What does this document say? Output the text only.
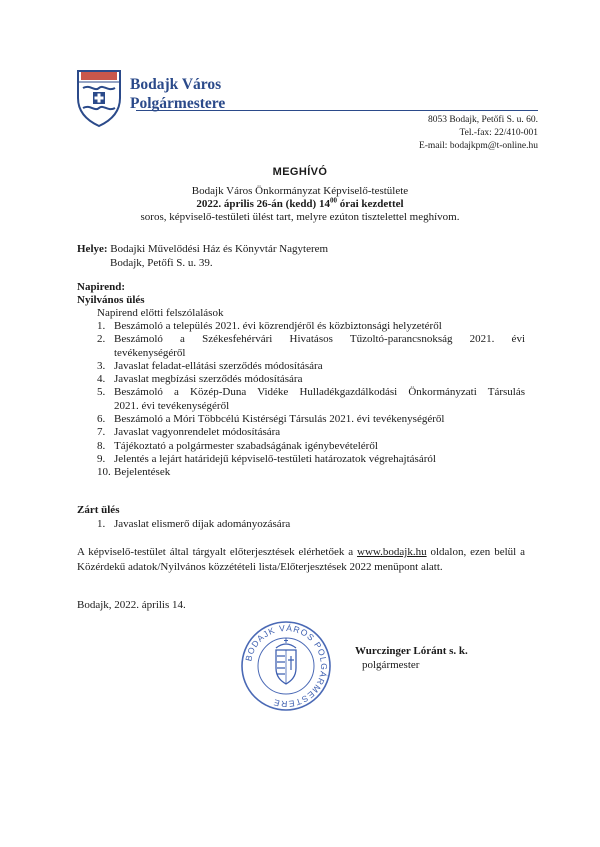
Bodajk Város
Polgármestere
8053 Bodajk, Petőfi S. u. 60.
Tel.-fax: 22/410-001
E-mail: bodajkpm@t-online.hu
MEGHÍVÓ
Bodajk Város Önkormányzat Képviselő-testülete
2022. április 26-án (kedd) $14^{00}$ órai kezdettel
soros, képviselő-testületi ülést tart, melyre ezúton tisztelettel meghívom.
Helye: Bodajki Művelődési Ház és Könyvtár Nagyterem
Bodajk, Petőfi S. u. 39.
Napirend:
Nyilvános ülés
Napirend előtti felszólalások
1. Beszámoló a település 2021. évi közrendjéről és közbiztonsági helyzetéről
2. Beszámoló a Székesfehérvári Hivatásos Tűzoltó-parancsnokság 2021. évi
tevékenységéről
3. Javaslat feladat-ellátási szerződés módosítására
4. Javaslat megbízási szerződés módosítására
5. Beszámoló a Közép-Duna Vidéke Hulladékgazdálkodási Önkormányzati Társulás
2021. évi tevékenységéről
6. Beszámoló a Móri Többcélú Kistérségi Társulás 2021. évi tevékenységéről
7. Javaslat vagyonrendelet módosítására
8. Tájékoztató a polgármester szabadságának igénybevételéről
9. Jelentés a lejárt határidejű képviselő-testületi határozatok végrehajtásáról
10. Bejelentések
Zárt ülés
1. Javaslat elismerő díjak adományozására
A képviselő-testület által tárgyalt előterjesztések elérhetőek a www.bodajk.hu oldalon, ezen belül a Közérdekű adatok/Nyilvános közzétételi lista/Előterjesztések 2022 menüpont alatt.
Bodajk, 2022. április 14.
BODAJK VÁROS POLGÁRMESTERE
Wurczinger Lóránt s. k.
polgármester
